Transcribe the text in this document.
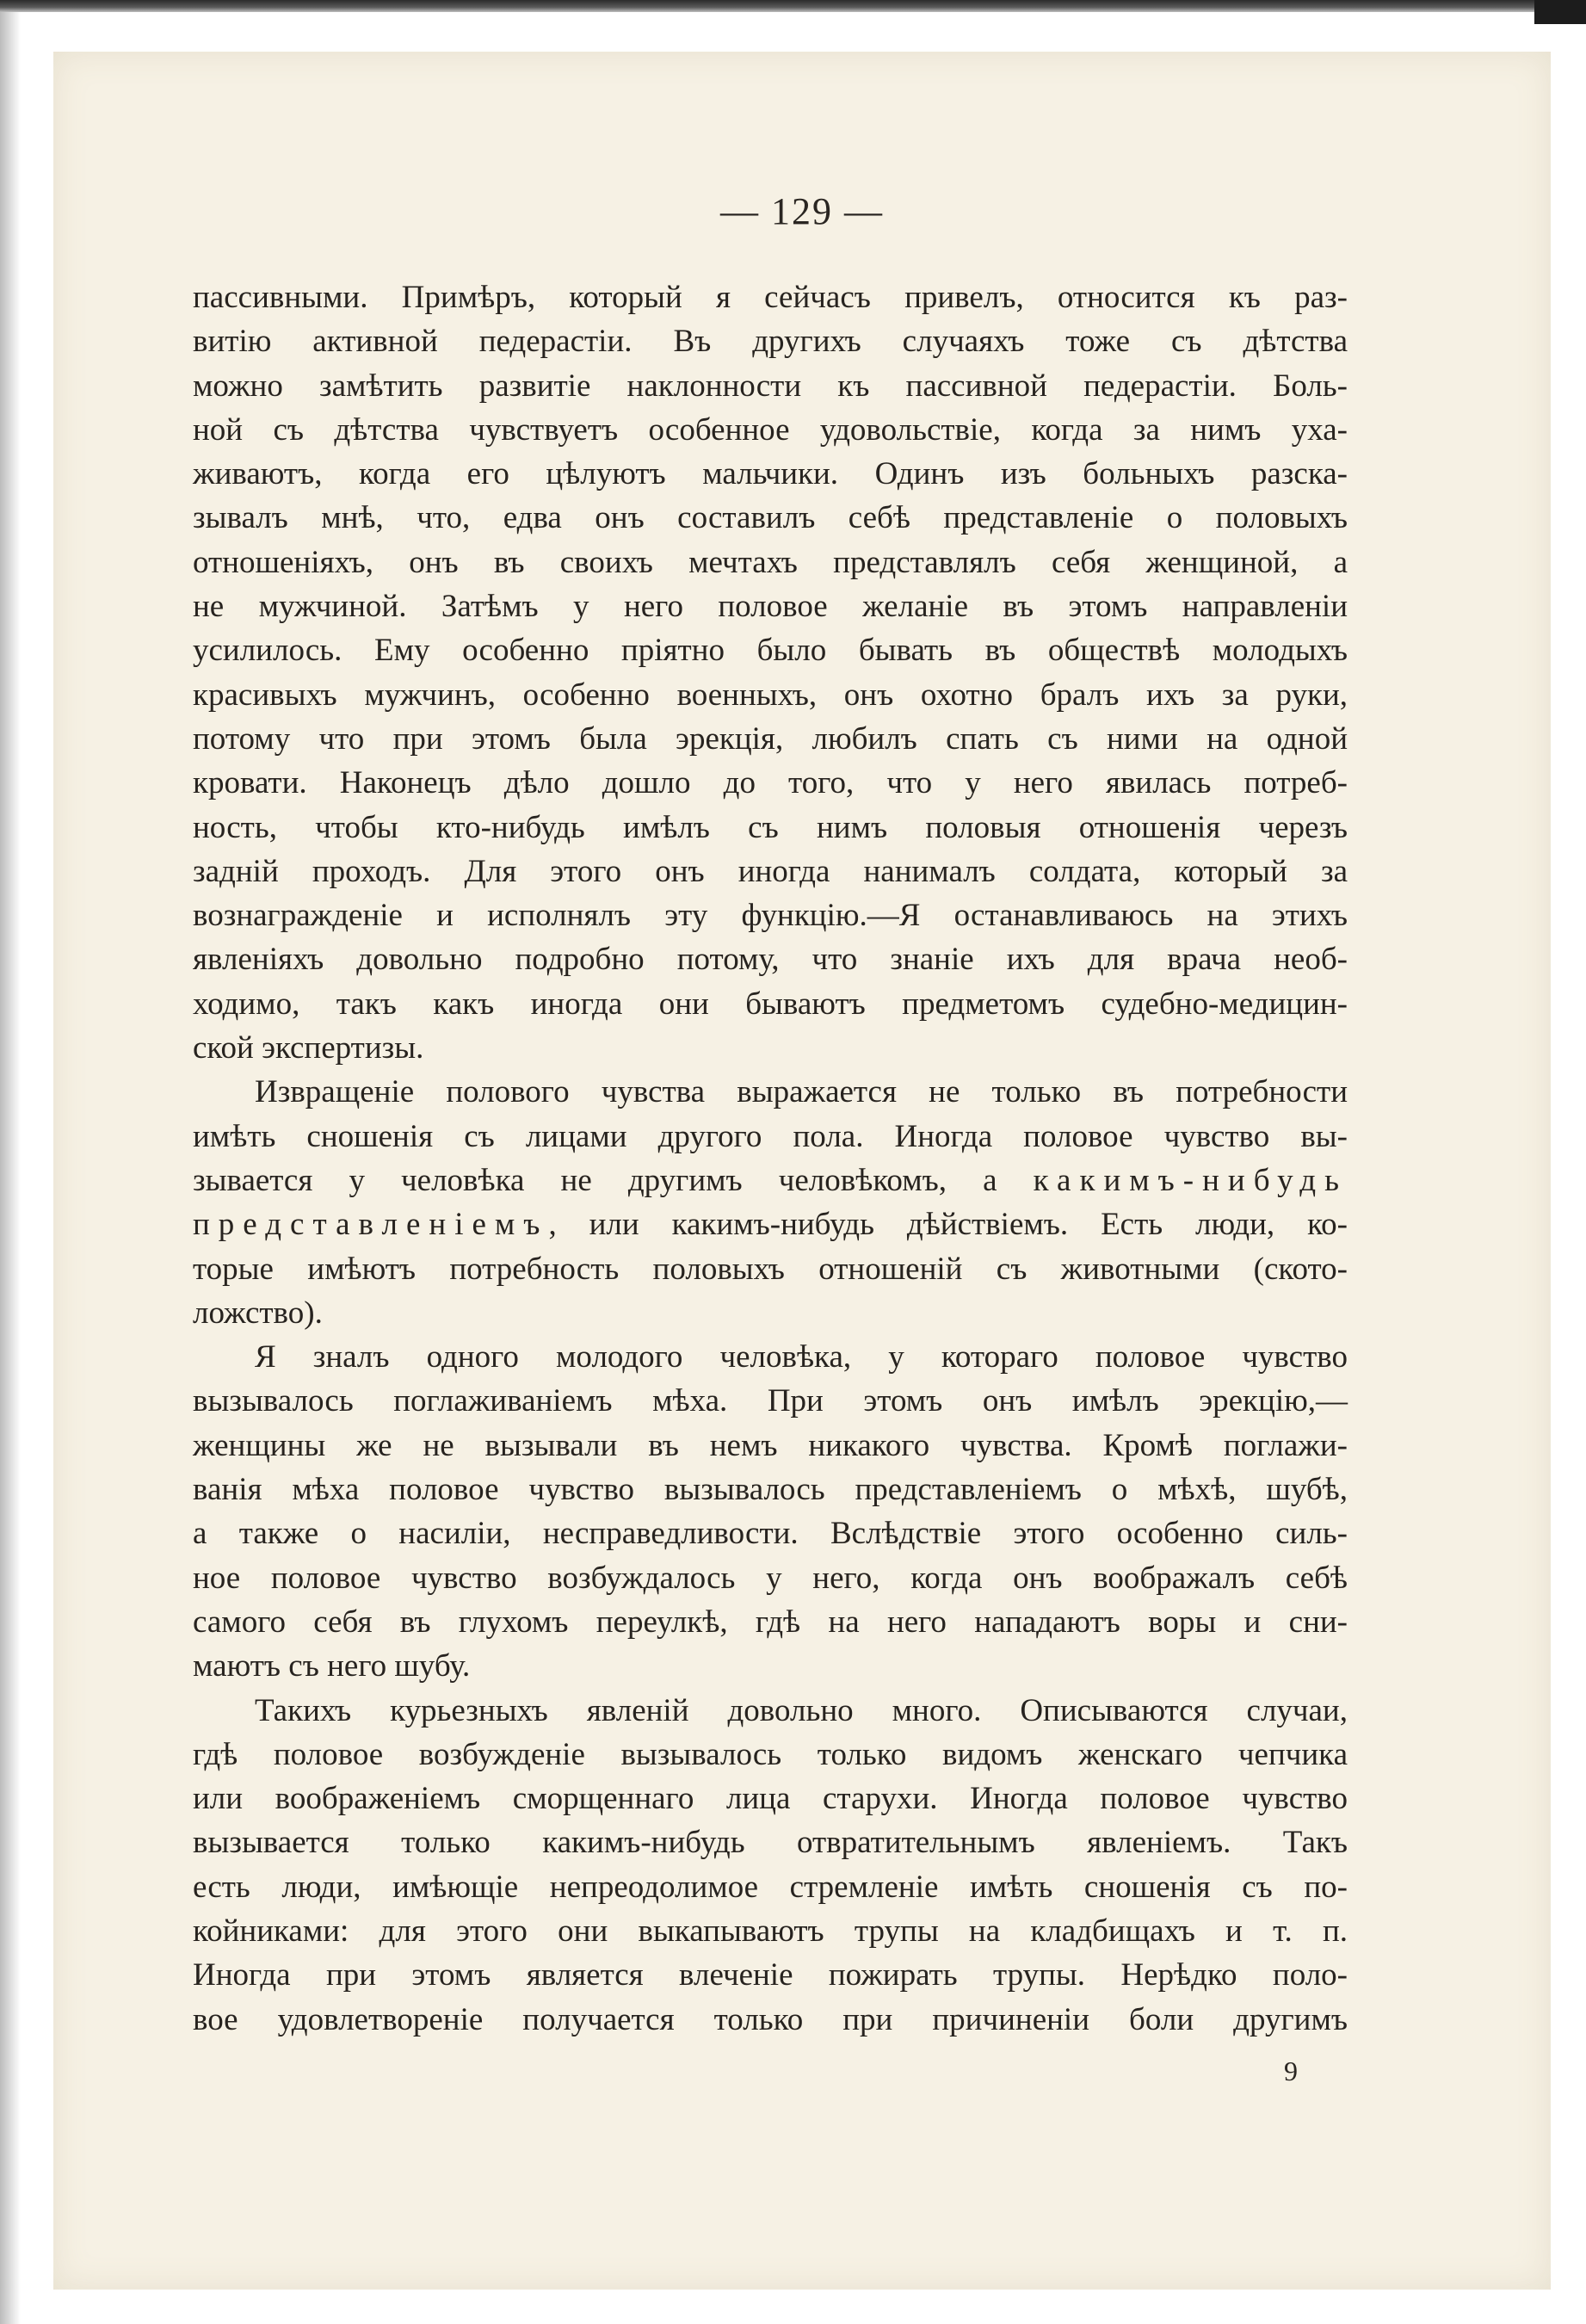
— 129 —
пассивными. Примѣръ, который я сейчасъ привелъ, относится къ раз-
витію активной педерастіи. Въ другихъ случаяхъ тоже съ дѣтства
можно замѣтить развитіе наклонности къ пассивной педерастіи. Боль-
ной съ дѣтства чувствуетъ особенное удовольствіе, когда за нимъ уха-
живаютъ, когда его цѣлуютъ мальчики. Одинъ изъ больныхъ разска-
зывалъ мнѣ, что, едва онъ составилъ себѣ представленіе о половыхъ
отношеніяхъ, онъ въ своихъ мечтахъ представлялъ себя женщиной, а
не мужчиной. Затѣмъ у него половое желаніе въ этомъ направленіи
усилилось. Ему особенно пріятно было бывать въ обществѣ молодыхъ
красивыхъ мужчинъ, особенно военныхъ, онъ охотно бралъ ихъ за руки,
потому что при этомъ была эрекція, любилъ спать съ ними на одной
кровати. Наконецъ дѣло дошло до того, что у него явилась потреб-
ность, чтобы кто-нибудь имѣлъ съ нимъ половыя отношенія черезъ
задній проходъ. Для этого онъ иногда нанималъ солдата, который за
вознагражденіе и исполнялъ эту функцію.—Я останавливаюсь на этихъ
явленіяхъ довольно подробно потому, что знаніе ихъ для врача необ-
ходимо, такъ какъ иногда они бываютъ предметомъ судебно-медицин-
ской экспертизы.
Извращеніе полового чувства выражается не только въ потребности
имѣть сношенія съ лицами другого пола. Иногда половое чувство вы-
зывается у человѣка не другимъ человѣкомъ, а какимъ-нибудь
представленіемъ, или какимъ-нибудь дѣйствіемъ. Есть люди, ко-
торые имѣютъ потребность половыхъ отношеній съ животными (ското-
ложство).
Я зналъ одного молодого человѣка, у котораго половое чувство
вызывалось поглаживаніемъ мѣха. При этомъ онъ имѣлъ эрекцію,—
женщины же не вызывали въ немъ никакого чувства. Кромѣ поглажи-
ванія мѣха половое чувство вызывалось представленіемъ о мѣхѣ, шубѣ,
а также о насиліи, несправедливости. Вслѣдствіе этого особенно силь-
ное половое чувство возбуждалось у него, когда онъ воображалъ себѣ
самого себя въ глухомъ переулкѣ, гдѣ на него нападаютъ воры и сни-
маютъ съ него шубу.
Такихъ курьезныхъ явленій довольно много. Описываются случаи,
гдѣ половое возбужденіе вызывалось только видомъ женскаго чепчика
или воображеніемъ сморщеннаго лица старухи. Иногда половое чувство
вызывается только какимъ-нибудь отвратительнымъ явленіемъ. Такъ
есть люди, имѣющіе непреодолимое стремленіе имѣть сношенія съ по-
койниками: для этого они выкапываютъ трупы на кладбищахъ и т. п.
Иногда при этомъ является влеченіе пожирать трупы. Нерѣдко поло-
вое удовлетвореніе получается только при причиненіи боли другимъ
9
